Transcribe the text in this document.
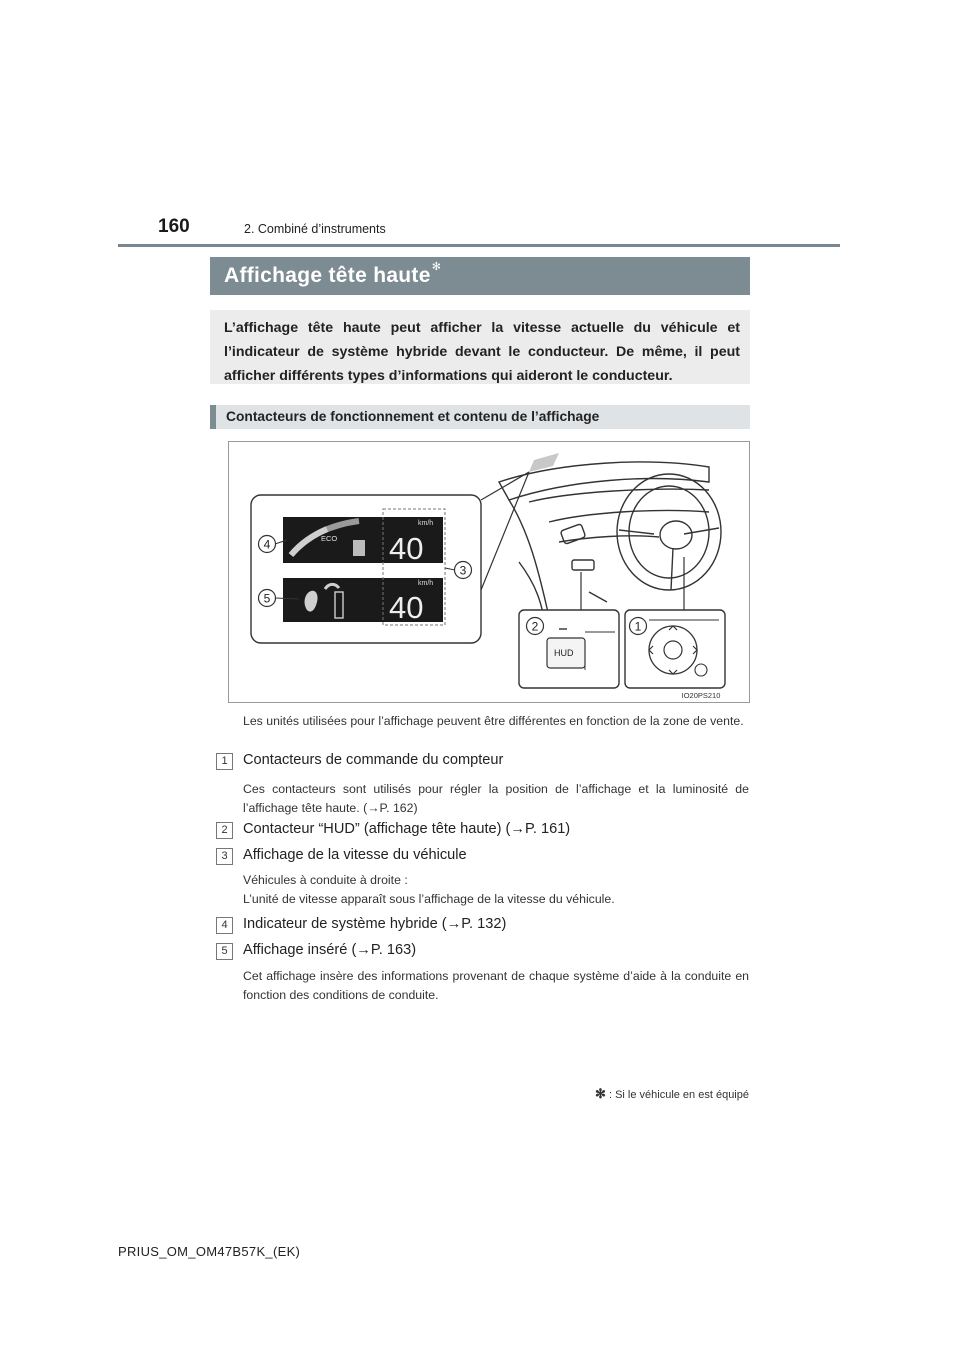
160	2. Combiné d’instruments
Affichage tête haute✻
L’affichage tête haute peut afficher la vitesse actuelle du véhicule et l’indicateur de système hybride devant le conducteur. De même, il peut afficher différents types d’informations qui aideront le conducteur.
Contacteurs de fonctionnement et contenu de l’affichage
ECO
km/h
40
km/h
40
4
5
3
HUD
2	1
IO20PS210
Les unités utilisées pour l’affichage peuvent être différentes en fonction de la zone de vente.
1	Contacteurs de commande du compteur
Ces contacteurs sont utilisés pour régler la position de l’affichage et la luminosité de l’affichage tête haute. (→P. 162)
2	Contacteur “HUD” (affichage tête haute) (→P. 161)
3	Affichage de la vitesse du véhicule
Véhicules à conduite à droite :
L’unité de vitesse apparaît sous l’affichage de la vitesse du véhicule.
4	Indicateur de système hybride (→P. 132)
5	Affichage inséré (→P. 163)
Cet affichage insère des informations provenant de chaque système d’aide à la conduite en fonction des conditions de conduite.
✻ : Si le véhicule en est équipé
PRIUS_OM_OM47B57K_(EK)
